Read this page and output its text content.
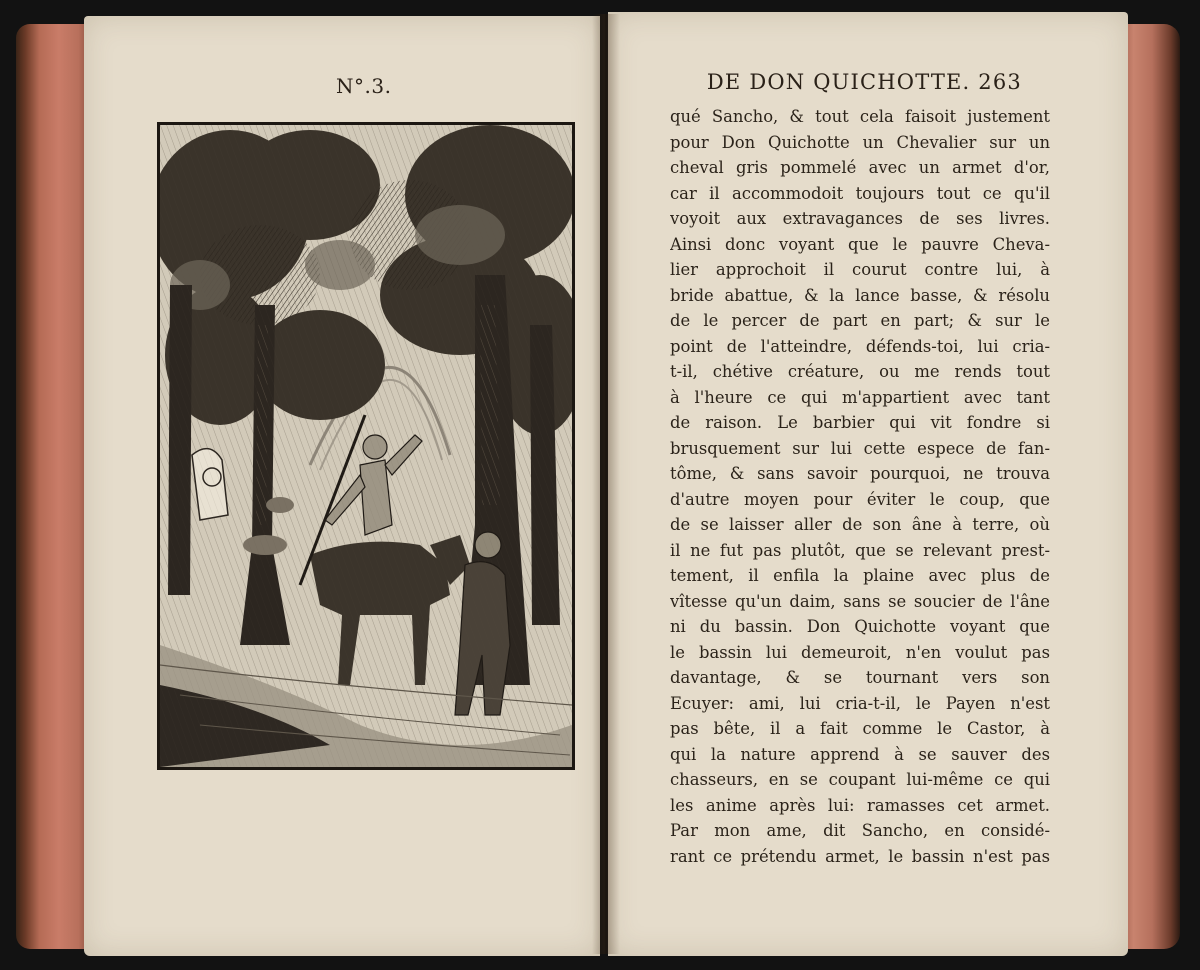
N°.3.	DE DON QUICHOTTE. 263
qué Sancho, & tout cela faisoit justement
pour Don Quichotte un Chevalier sur un
cheval gris pommelé avec un armet d'or,
car il accommodoit toujours tout ce qu'il
voyoit aux extravagances de ses livres.
Ainsi donc voyant que le pauvre Cheva-
lier approchoit il courut contre lui, à
bride abattue, & la lance basse, & résolu
de le percer de part en part; & sur le
point de l'atteindre, défends-toi, lui cria-
t-il, chétive créature, ou me rends tout
à l'heure ce qui m'appartient avec tant
de raison. Le barbier qui vit fondre si
brusquement sur lui cette espece de fan-
tôme, & sans savoir pourquoi, ne trouva
d'autre moyen pour éviter le coup, que
de se laisser aller de son âne à terre, où
il ne fut pas plutôt, que se relevant prest-
tement, il enfila la plaine avec plus de
vîtesse qu'un daim, sans se soucier de l'âne
ni du bassin. Don Quichotte voyant que
le bassin lui demeuroit, n'en voulut pas
davantage, & se tournant vers son
Ecuyer: ami, lui cria-t-il, le Payen n'est
pas bête, il a fait comme le Castor, à
qui la nature apprend à se sauver des
chasseurs, en se coupant lui-même ce qui
les anime après lui: ramasses cet armet.
Par mon ame, dit Sancho, en considé-
rant ce prétendu armet, le bassin n'est pas
